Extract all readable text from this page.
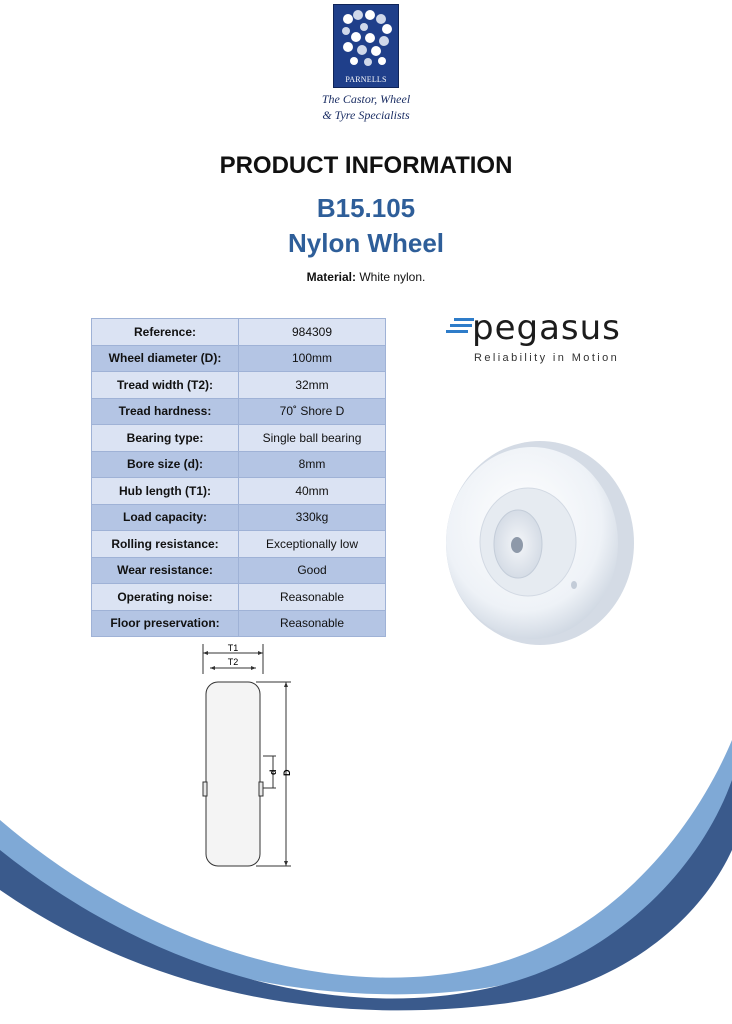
PARNELLS
The Castor, Wheel
& Tyre Specialists
PRODUCT INFORMATION
B15.105
Nylon Wheel
Material: White nylon.
Reference:	984309
Wheel diameter (D):	100mm
Tread width (T2):	32mm
Tread hardness:	70˚ Shore D
Bearing type:	Single ball bearing
Bore size (d):	8mm
Hub length (T1):	40mm
Load capacity:	330kg
Rolling resistance:	Exceptionally low
Wear resistance:	Good
Operating noise:	Reasonable
Floor preservation:	Reasonable
pegasus
Reliability in Motion
T1
T2
d D
